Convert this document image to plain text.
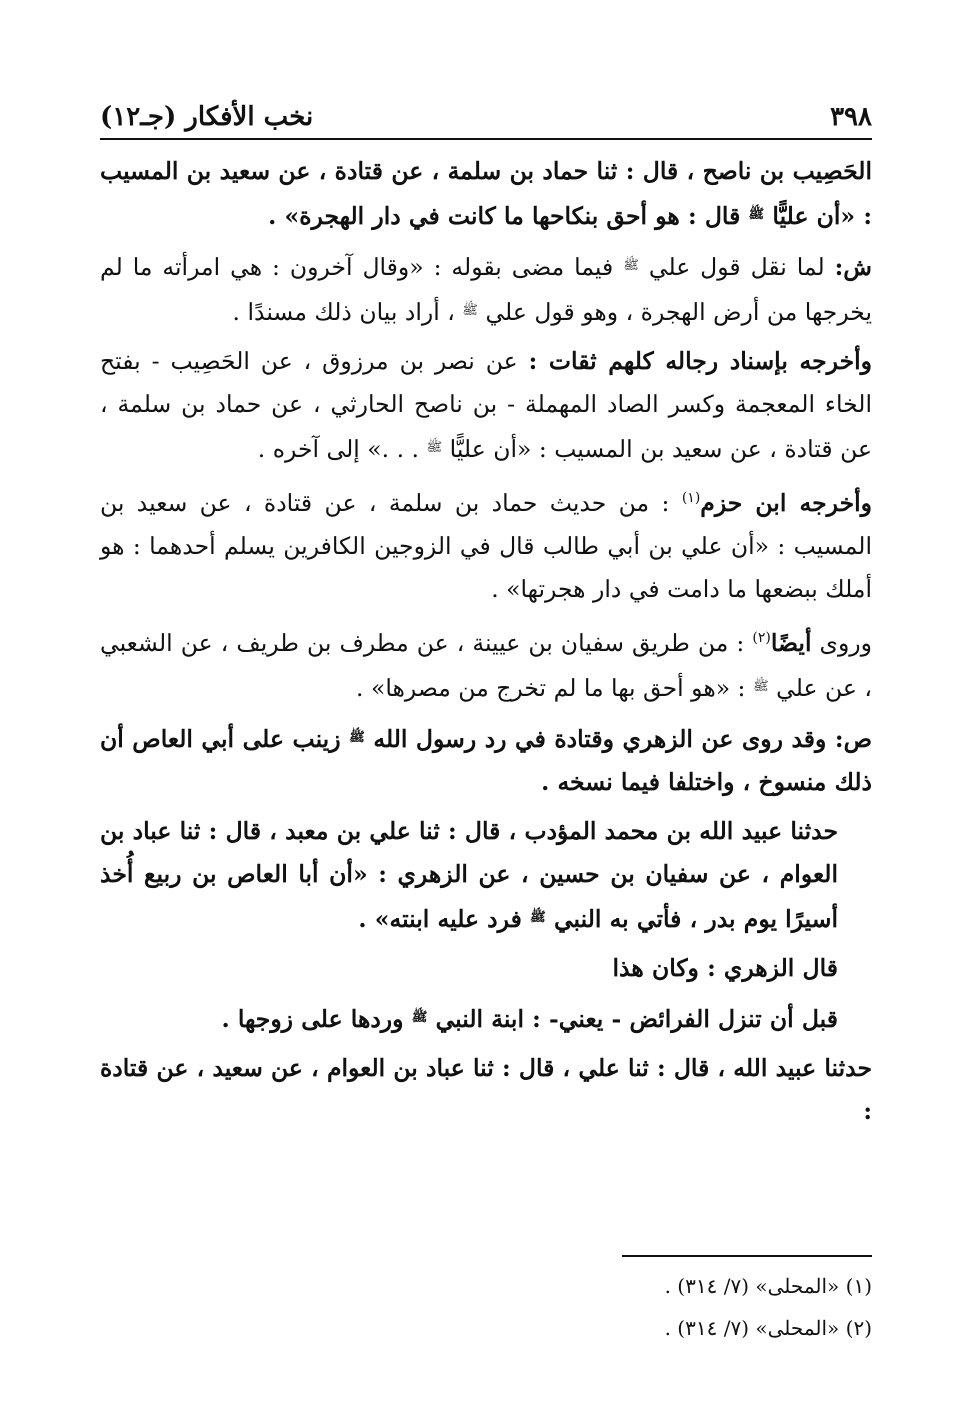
٣٩٨
نخب الأفكار (جـ١٢)

الحَصِيب بن ناصح ، قال : ثنا حماد بن سلمة ، عن قتادة ، عن سعيد بن المسيب : «أن عليًّا $^ﷺ$ قال : هو أحق بنكاحها ما كانت في دار الهجرة» .

ش: لما نقل قول علي $^ﷺ$ فيما مضى بقوله : «وقال آخرون : هي امرأته ما لم يخرجها من أرض الهجرة ، وهو قول علي $^ﷺ$ ، أراد بيان ذلك مسندًا .

وأخرجه بإسناد رجاله كلهم ثقات : عن نصر بن مرزوق ، عن الحَصِيب - بفتح الخاء المعجمة وكسر الصاد المهملة - بن ناصح الحارثي ، عن حماد بن سلمة ، عن قتادة ، عن سعيد بن المسيب : «أن عليًّا $^ﷺ$ . . .» إلى آخره .

وأخرجه ابن حزم$^{(١)}$ : من حديث حماد بن سلمة ، عن قتادة ، عن سعيد بن المسيب : «أن علي بن أبي طالب قال في الزوجين الكافرين يسلم أحدهما : هو أملك ببضعها ما دامت في دار هجرتها» .

وروى أيضًا$^{(٢)}$ : من طريق سفيان بن عيينة ، عن مطرف بن طريف ، عن الشعبي ، عن علي $^ﷺ$ : «هو أحق بها ما لم تخرج من مصرها» .

ص: وقد روى عن الزهري وقتادة في رد رسول الله $^ﷺ$ زينب على أبي العاص أن ذلك منسوخ ، واختلفا فيما نسخه .

حدثنا عبيد الله بن محمد المؤدب ، قال : ثنا علي بن معبد ، قال : ثنا عباد بن العوام ، عن سفيان بن حسين ، عن الزهري : «أن أبا العاص بن ربيع أُخذ أسيرًا يوم بدر ، فأتي به النبي $^ﷺ$ فرد عليه ابنته» .

قال الزهري : وكان هذا

قبل أن تنزل الفرائض - يعني- : ابنة النبي $^ﷺ$ وردها على زوجها .

حدثنا عبيد الله ، قال : ثنا علي ، قال : ثنا عباد بن العوام ، عن سعيد ، عن قتادة :

(١) «المحلى» (٧/ ٣١٤) .
(٢) «المحلى» (٧/ ٣١٤) .
